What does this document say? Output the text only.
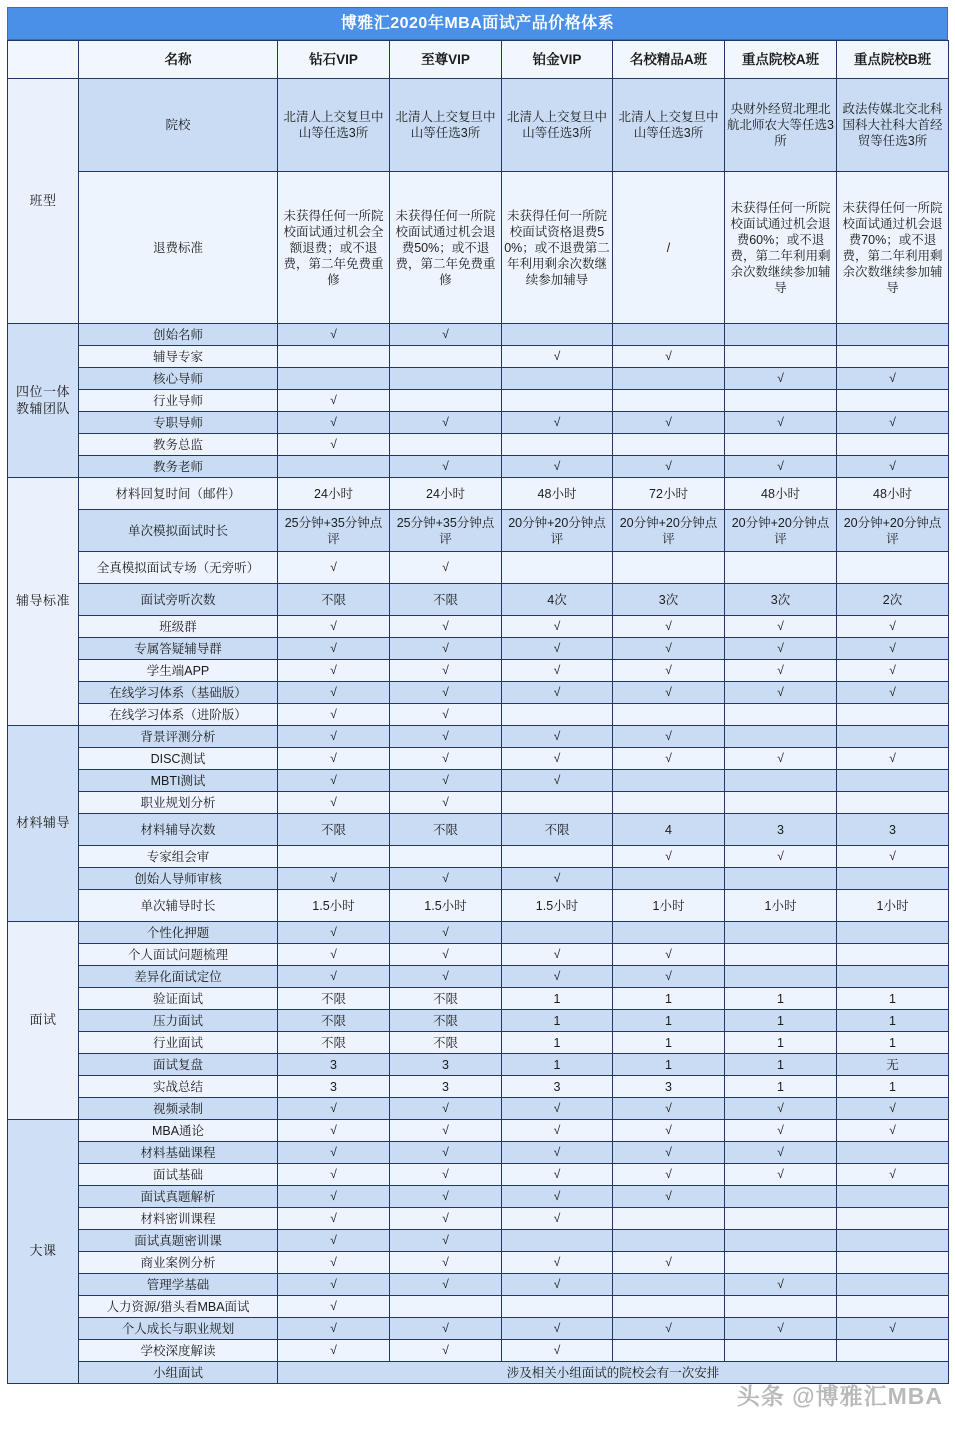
博雅汇2020年MBA面试产品价格体系
	名称	钻石VIP	至尊VIP	铂金VIP	名校精品A班	重点院校A班	重点院校B班
班型	院校	北清人上交复旦中山等任选3所	北清人上交复旦中山等任选3所	北清人上交复旦中山等任选3所	北清人上交复旦中山等任选3所	央财外经贸北理北航北师农大等任选3所	政法传媒北交北科国科大社科大首经贸等任选3所
	退费标准	未获得任何一所院校面试通过机会全额退费；或不退费，第二年免费重修	未获得任何一所院校面试通过机会退费50%；或不退费，第二年免费重修	未获得任何一所院校面试资格退费50%；或不退费第二年利用剩余次数继续参加辅导	/	未获得任何一所院校面试通过机会退费60%；或不退费，第二年利用剩余次数继续参加辅导	未获得任何一所院校面试通过机会退费70%；或不退费，第二年利用剩余次数继续参加辅导
四位一体教辅团队	创始名师	√	√				
	辅导专家			√	√		
	核心导师					√	√
	行业导师	√					
	专职导师	√	√	√	√	√	√
	教务总监	√					
	教务老师		√	√	√	√	√
辅导标准	材料回复时间（邮件）	24小时	24小时	48小时	72小时	48小时	48小时
	单次模拟面试时长	25分钟+35分钟点评	25分钟+35分钟点评	20分钟+20分钟点评	20分钟+20分钟点评	20分钟+20分钟点评	20分钟+20分钟点评
	全真模拟面试专场（无旁听）	√	√				
	面试旁听次数	不限	不限	4次	3次	3次	2次
	班级群	√	√	√	√	√	√
	专属答疑辅导群	√	√	√	√	√	√
	学生端APP	√	√	√	√	√	√
	在线学习体系（基础版）	√	√	√	√	√	√
	在线学习体系（进阶版）	√	√				
材料辅导	背景评测分析	√	√	√	√		
	DISC测试	√	√	√	√	√	√
	MBTI测试	√	√	√			
	职业规划分析	√	√				
	材料辅导次数	不限	不限	不限	4	3	3
	专家组会审				√	√	√
	创始人导师审核	√	√	√			
	单次辅导时长	1.5小时	1.5小时	1.5小时	1小时	1小时	1小时
面试	个性化押题	√	√				
	个人面试问题梳理	√	√	√	√		
	差异化面试定位	√	√	√	√		
	验证面试	不限	不限	1	1	1	1
	压力面试	不限	不限	1	1	1	1
	行业面试	不限	不限	1	1	1	1
	面试复盘	3	3	1	1	1	无
	实战总结	3	3	3	3	1	1
	视频录制	√	√	√	√	√	√
大课	MBA通论	√	√	√	√	√	√
	材料基础课程	√	√	√	√	√	
	面试基础	√	√	√	√	√	√
	面试真题解析	√	√	√	√		
	材料密训课程	√	√	√			
	面试真题密训课	√	√				
	商业案例分析	√	√	√	√		
	管理学基础	√	√	√		√	
	人力资源/猎头看MBA面试	√					
	个人成长与职业规划	√	√	√	√	√	√
	学校深度解读	√	√	√			
	小组面试	涉及相关小组面试的院校会有一次安排					
头条 @博雅汇MBA
